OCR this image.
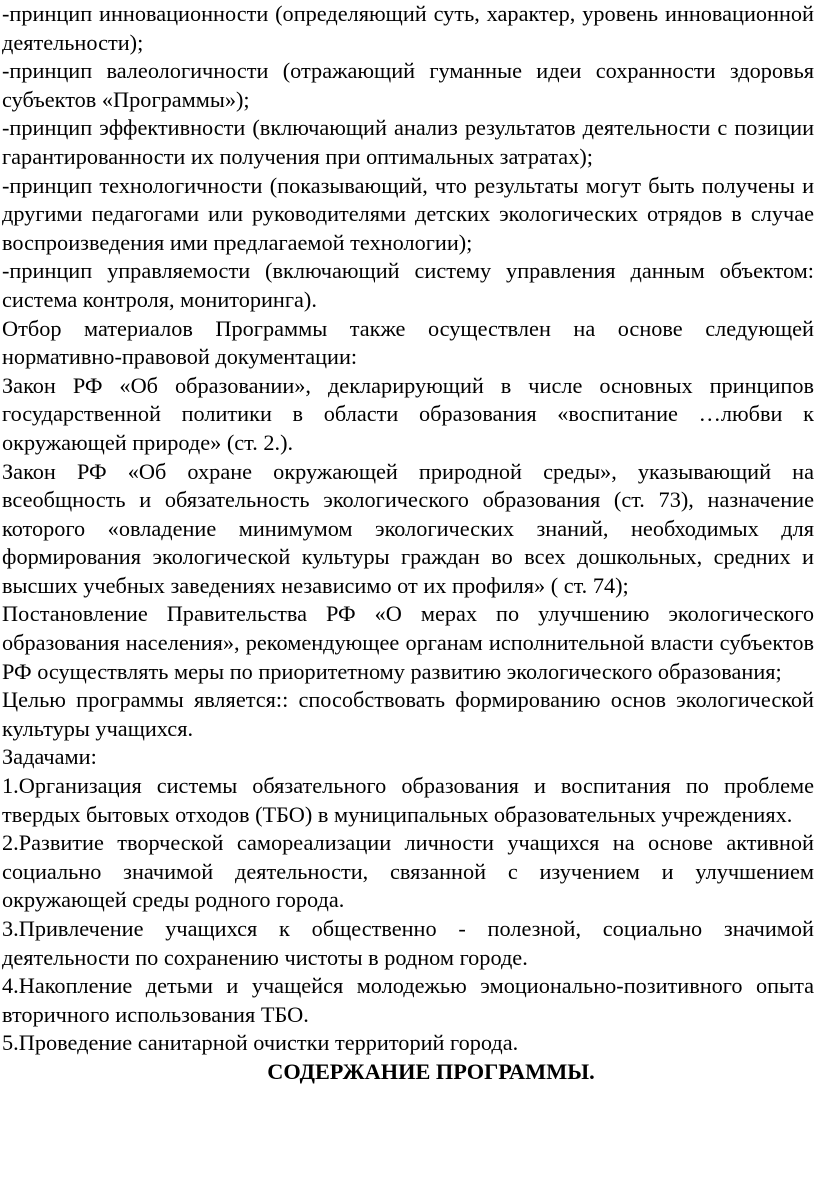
-принцип инновационности (определяющий суть, характер, уровень инновационной деятельности);

-принцип валеологичности (отражающий гуманные идеи сохранности здоровья субъектов «Программы»);

-принцип эффективности (включающий анализ результатов деятельности с позиции гарантированности их получения при оптимальных затратах);

-принцип технологичности (показывающий, что результаты могут быть получены и другими педагогами или руководителями детских экологических отрядов в случае воспроизведения ими предлагаемой технологии);

-принцип управляемости (включающий систему управления данным объектом: система контроля, мониторинга).

Отбор материалов Программы также осуществлен на основе следующей нормативно-правовой документации:

Закон РФ «Об образовании», декларирующий в числе основных принципов государственной политики в области образования «воспитание …любви к окружающей природе» (ст. 2.).

Закон РФ «Об охране окружающей природной среды», указывающий на всеобщность и обязательность экологического образования (ст. 73), назначение которого «овладение минимумом экологических знаний, необходимых для формирования экологической культуры граждан во всех дошкольных, средних и высших учебных заведениях независимо от их профиля» ( ст. 74);

Постановление Правительства РФ «О мерах по улучшению экологического образования населения», рекомендующее органам исполнительной власти субъектов РФ осуществлять меры по приоритетному развитию экологического образования;

Целью программы является:: способствовать формированию основ экологической культуры учащихся.

Задачами:

1.Организация системы обязательного образования и воспитания по проблеме твердых бытовых отходов (ТБО) в муниципальных образовательных учреждениях.

2.Развитие творческой самореализации личности учащихся на основе активной социально значимой деятельности, связанной с изучением и улучшением окружающей среды родного города.

3.Привлечение учащихся к общественно - полезной, социально значимой деятельности по сохранению чистоты в родном городе.

4.Накопление детьми и учащейся молодежью эмоционально-позитивного опыта вторичного использования ТБО.

5.Проведение санитарной очистки территорий города.

СОДЕРЖАНИЕ ПРОГРАММЫ.
